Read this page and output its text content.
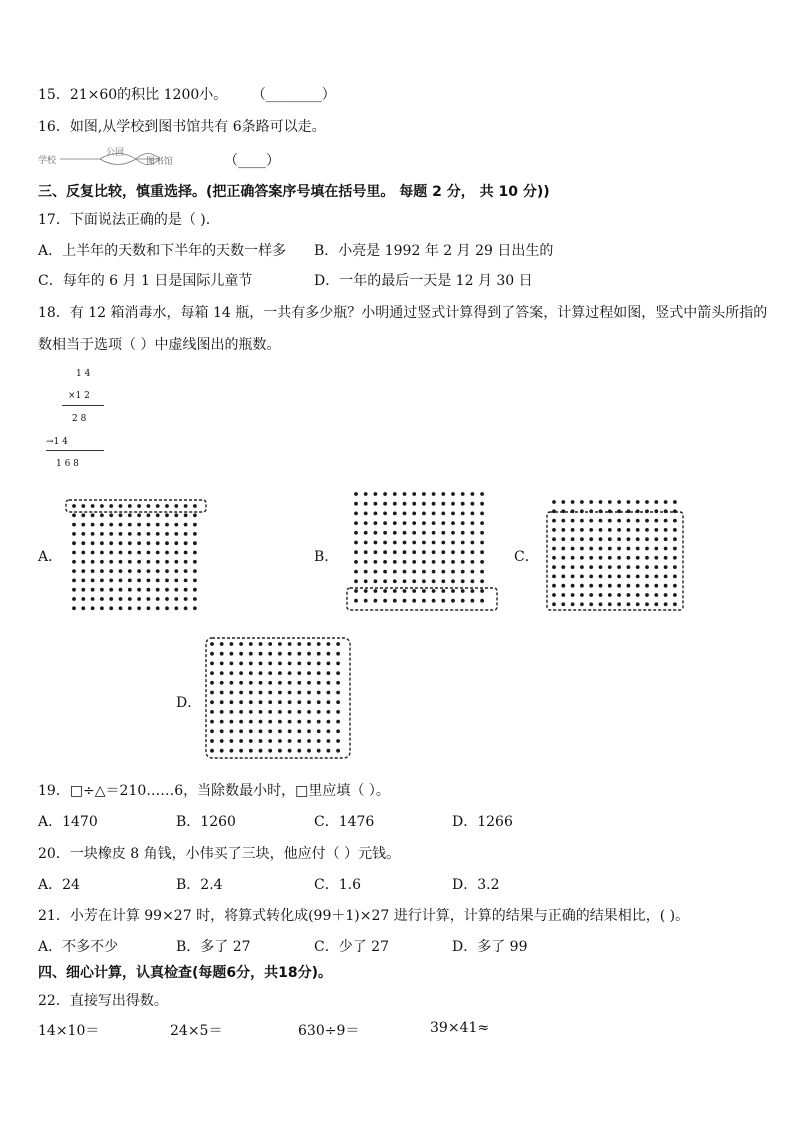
15．21×60的积比 1200小。 （________）
16．如图,从学校到图书馆共有 6条路可以走。
学校
公园
图书馆	（____）
三、反复比较，慎重选择。(把正确答案序号填在括号里。 每题 2 分， 共 10 分))
17．下面说法正确的是（ ).
A．上半年的天数和下半年的天数一样多 B．小亮是 1992 年 2 月 29 日出生的
C．每年的 6 月 1 日是国际儿童节	D．一年的最后一天是 12 月 30 日
18．有 12 箱消毒水，每箱 14 瓶，一共有多少瓶？小明通过竖式计算得到了答案，计算过程如图，竖式中箭头所指的
数相当于选项（ ）中虚线图出的瓶数。
1 4
×1 2
2 8
→1 4
1 6 8
A．	B．	C．
D．
19．□÷△＝210……6，当除数最小时，□里应填（ ）。
A．1470	B．1260	C．1476	D．1266
20．一块橡皮 8 角钱，小伟买了三块，他应付（ ）元钱。
A．24	B．2.4	C．1.6	D．3.2
21．小芳在计算 99×27 时，将算式转化成(99＋1)×27 进行计算，计算的结果与正确的结果相比，( )。
A．不多不少	B．多了 27	C．少了 27	D．多了 99
四、细心计算，认真检查(每题6分，共18分)。
22．直接写出得数。
14×10＝	24×5＝	630÷9＝	39×41≈
